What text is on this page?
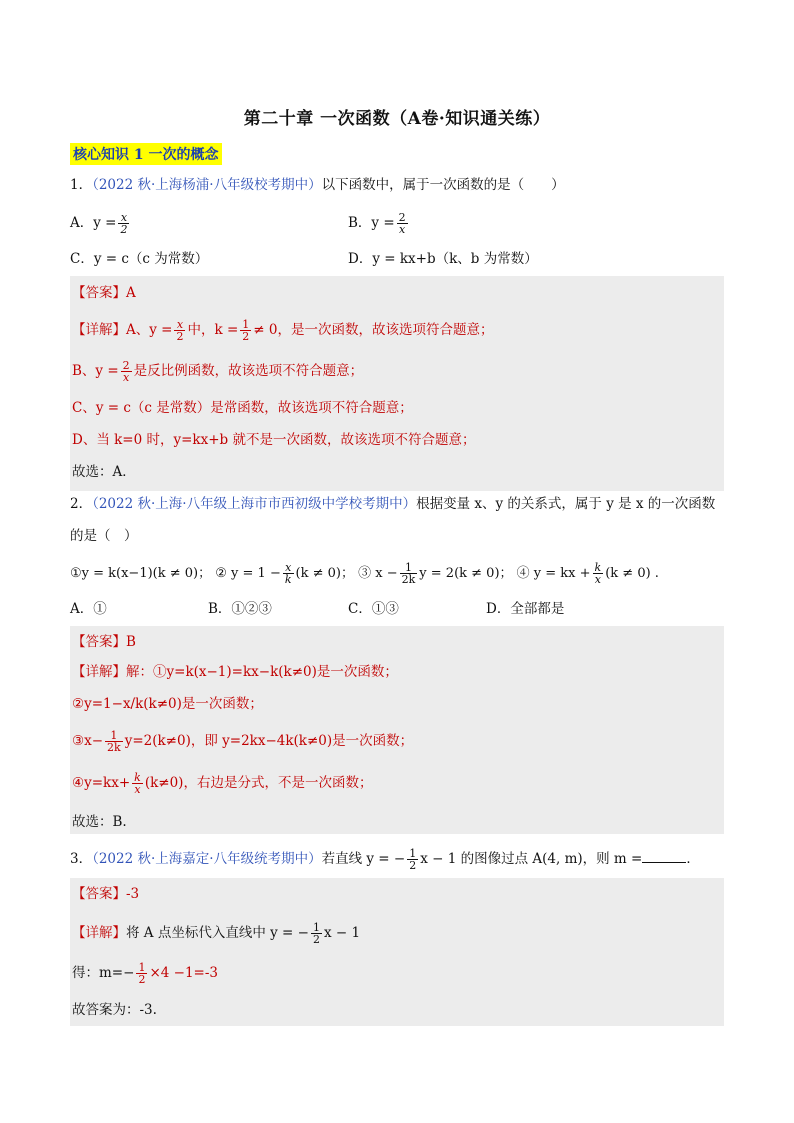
第二十章 一次函数（A卷·知识通关练）
核心知识 1 一次的概念
1．（2022 秋·上海杨浦·八年级校考期中）以下函数中，属于一次函数的是（　　）
A．$y = \frac{x}{2}$	B．$y = \frac{2}{x}$
C．y = c（c 为常数）	D．y = kx+b（k、b 为常数）
【答案】A
【详解】A、$y = \frac{x}{2}$ 中，$k = \frac{1}{2} \ne 0$，是一次函数，故该选项符合题意；
B、$y = \frac{2}{x}$ 是反比例函数，故该选项不符合题意；
C、y = c（c 是常数）是常函数，故该选项不符合题意；
D、当 k=0 时，y=kx+b 就不是一次函数，故该选项不符合题意；
故选：A．
2．（2022 秋·上海·八年级上海市市西初级中学校考期中）根据变量 x、y 的关系式，属于 y 是 x 的一次函数
的是（　）
①y = k(x−1)(k ≠ 0)； ② $y = 1 - \frac{x}{k} (k \ne 0)$； ③ $x - \frac{1}{2k}$ y = 2(k ≠ 0)； ④ y = kx + $\frac{k}{x} (k \ne 0)$ .
A．①	B．①②③	C．①③	D．全部都是
【答案】B
【详解】解：①y=k(x−1)=kx−k(k≠0)是一次函数；
②y=1−x/k(k≠0)是一次函数；
③x− $\frac{1}{2k} y=2(k\ne 0)$，即 y=2kx−4k(k≠0)是一次函数；
④y=kx+ $\frac{k}{x} (k\ne 0)$，右边是分式，不是一次函数；
故选：B.
3．（2022 秋·上海嘉定·八年级统考期中）若直线 y = − $\frac{1}{2}$ x − 1 的图像过点 A(4, m)，则 m =	．
【答案】-3
【详解】将 A 点坐标代入直线中 y = − $\frac{1}{2}$ x − 1
得：$m=- \frac{1}{2} \times 4 -1=-3$
故答案为：-3.
